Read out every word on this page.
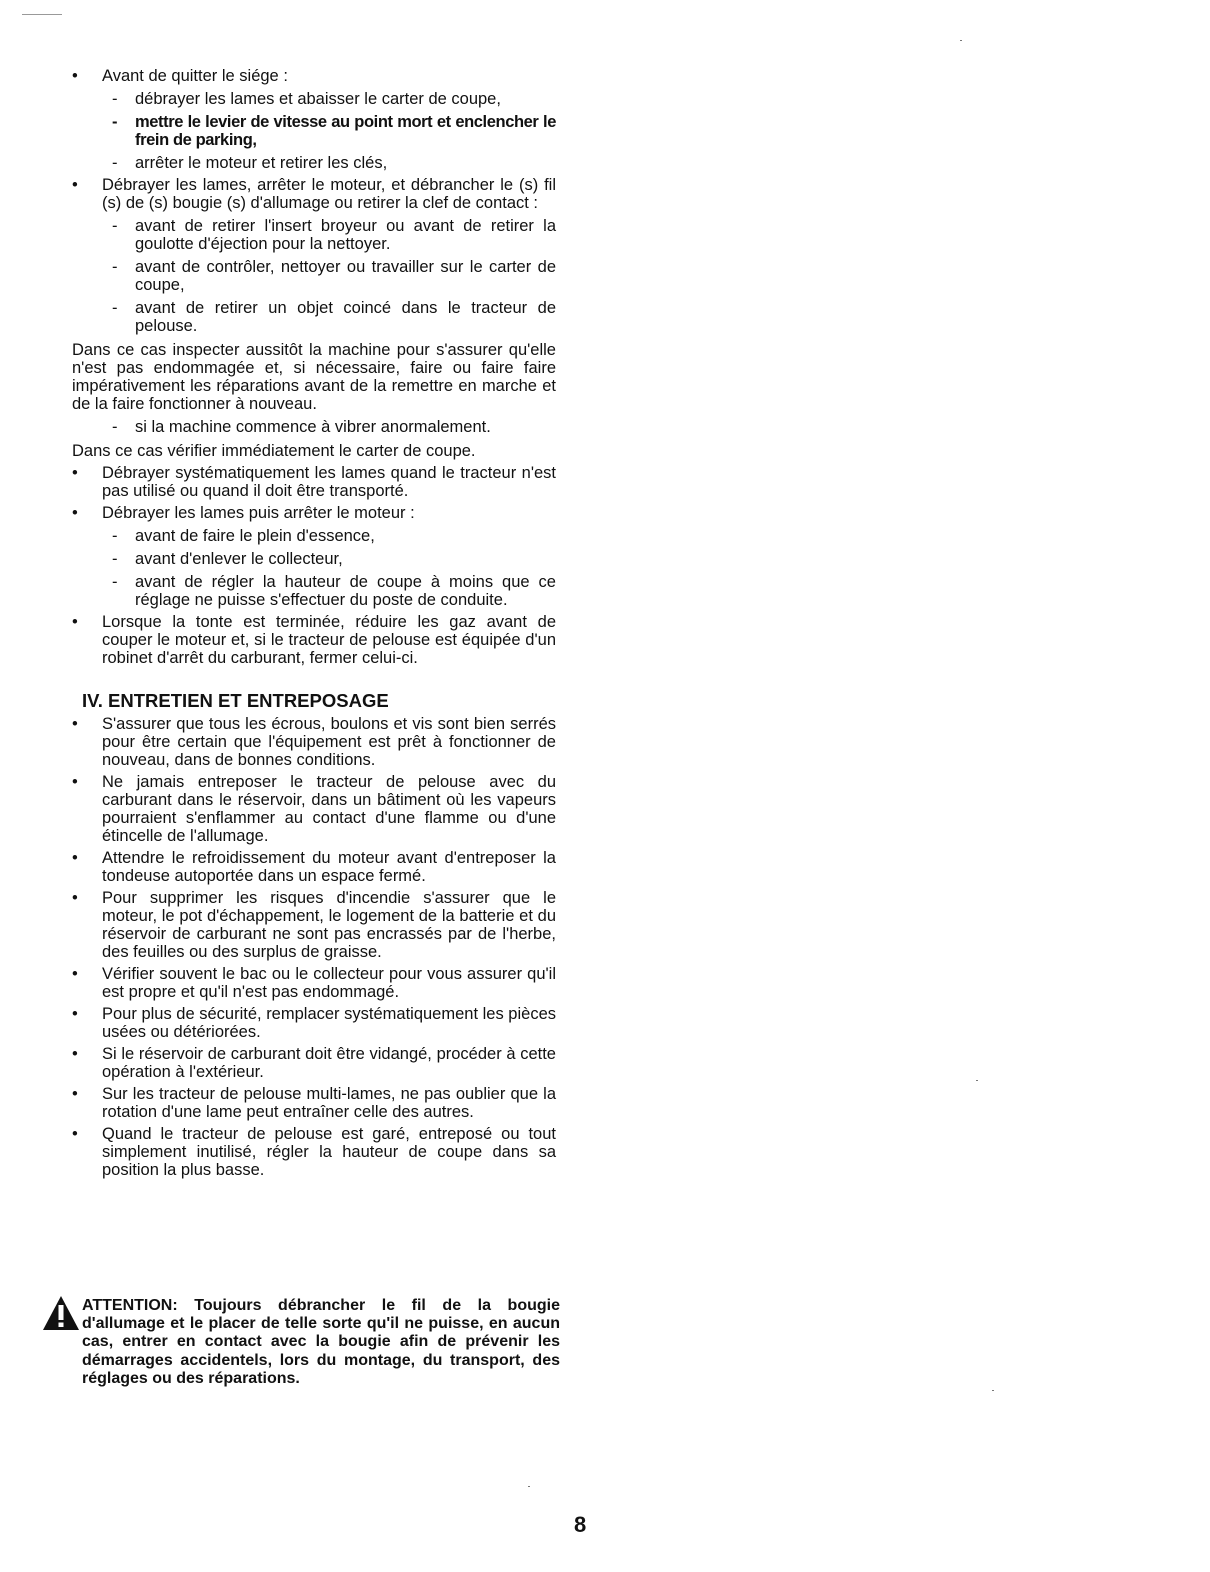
• Avant de quitter le siége :
- débrayer les lames et abaisser le carter de coupe,
- mettre le levier de vitesse au point mort et enclencher le frein de parking,
- arrêter le moteur et retirer les clés,
• Débrayer les lames, arrêter le moteur, et débrancher le (s) fil (s) de (s) bougie (s) d'allumage ou retirer la clef de contact :
- avant de retirer l'insert broyeur ou avant de retirer la goulotte d'éjection pour la nettoyer.
- avant de contrôler, nettoyer ou travailler sur le carter de coupe,
- avant de retirer un objet coincé dans le tracteur de pelouse.
Dans ce cas inspecter aussitôt la machine pour s'assurer qu'elle n'est pas endommagée et, si nécessaire, faire ou faire faire impérativement les réparations avant de la remettre en marche et de la faire fonctionner à nouveau.
- si la machine commence à vibrer anormalement.
Dans ce cas vérifier immédiatement le carter de coupe.
• Débrayer systématiquement les lames quand le tracteur n'est pas utilisé ou quand il doit être transporté.
• Débrayer les lames puis arrêter le moteur :
- avant de faire le plein d'essence,
- avant d'enlever le collecteur,
- avant de régler la hauteur de coupe à moins que ce réglage ne puisse s'effectuer du poste de conduite.
• Lorsque la tonte est terminée, réduire les gaz avant de couper le moteur et, si le tracteur de pelouse est équipée d'un robinet d'arrêt du carburant, fermer celui-ci.
IV. ENTRETIEN ET ENTREPOSAGE
• S'assurer que tous les écrous, boulons et vis sont bien serrés pour être certain que l'équipement est prêt à fonctionner de nouveau, dans de bonnes conditions.
• Ne jamais entreposer le tracteur de pelouse avec du carburant dans le réservoir, dans un bâtiment où les vapeurs pourraient s'enflammer au contact d'une flamme ou d'une étincelle de l'allumage.
• Attendre le refroidissement du moteur avant d'entreposer la tondeuse autoportée dans un espace fermé.
• Pour supprimer les risques d'incendie s'assurer que le moteur, le pot d'échappement, le logement de la batterie et du réservoir de carburant ne sont pas encrassés par de l'herbe, des feuilles ou des surplus de graisse.
• Vérifier souvent le bac ou le collecteur pour vous assurer qu'il est propre et qu'il n'est pas endommagé.
• Pour plus de sécurité, remplacer systématiquement les pièces usées ou détériorées.
• Si le réservoir de carburant doit être vidangé, procéder à cette opération à l'extérieur.
• Sur les tracteur de pelouse multi-lames, ne pas oublier que la rotation d'une lame peut entraîner celle des autres.
• Quand le tracteur de pelouse est garé, entreposé ou tout simplement inutilisé, régler la hauteur de coupe dans sa position la plus basse.
ATTENTION: Toujours débrancher le fil de la bougie d'allumage et le placer de telle sorte qu'il ne puisse, en aucun cas, entrer en contact avec la bougie afin de prévenir les démarrages accidentels, lors du montage, du transport, des réglages ou des réparations.
8
